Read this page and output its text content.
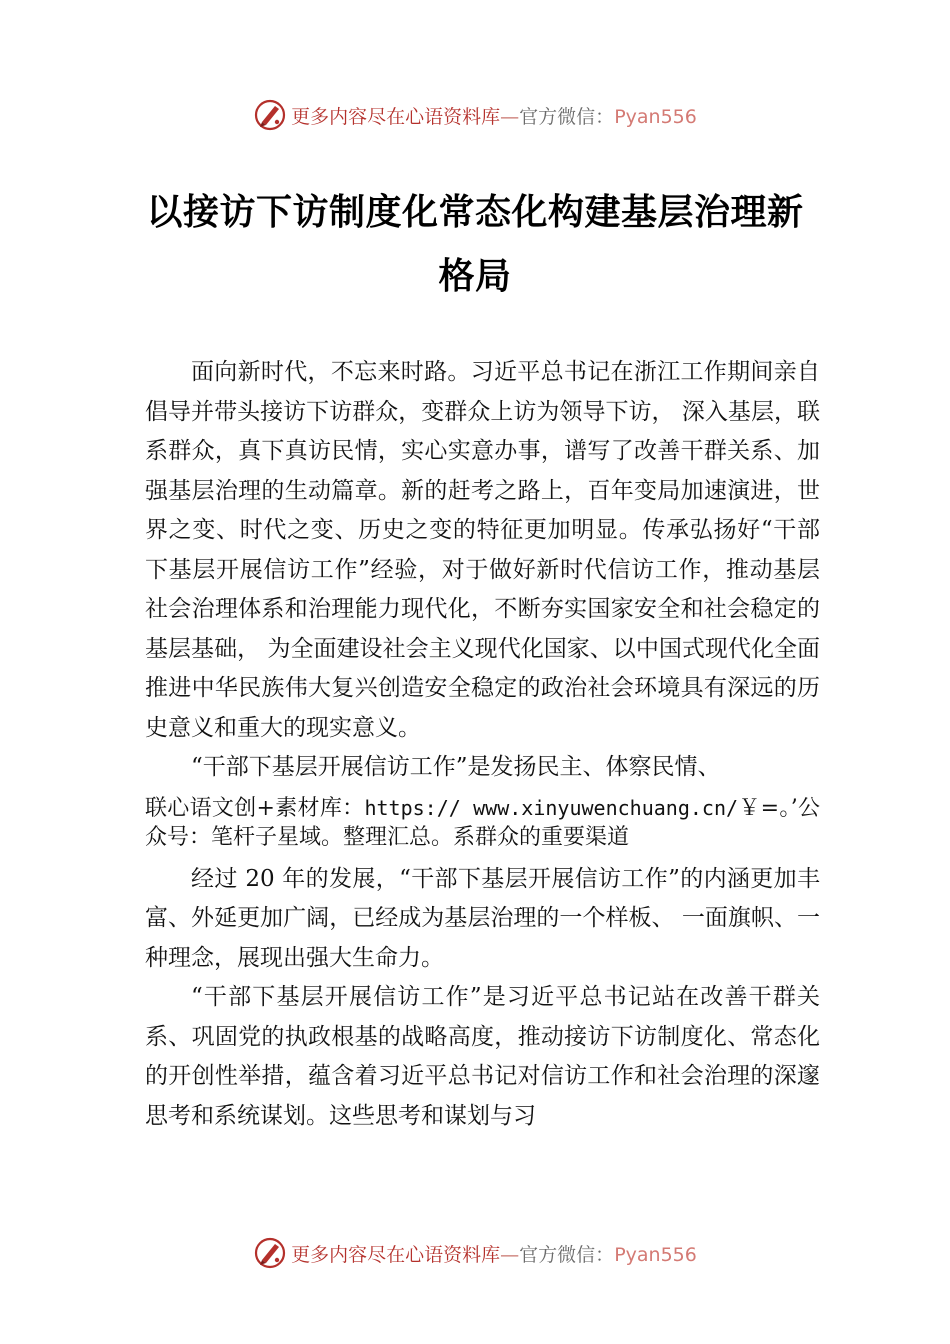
更多内容尽在心语资料库—官方微信：Pyan556
以接访下访制度化常态化构建基层治理新格局

面向新时代，不忘来时路。习近平总书记在浙江工作期间亲自倡导并带头接访下访群众，变群众上访为领导下访， 深入基层，联系群众，真下真访民情，实心实意办事，谱写了改善干群关系、加强基层治理的生动篇章。新的赶考之路上，百年变局加速演进，世界之变、时代之变、历史之变的特征更加明显。传承弘扬好“干部下基层开展信访工作”经验，对于做好新时代信访工作，推动基层社会治理体系和治理能力现代化，不断夯实国家安全和社会稳定的基层基础， 为全面建设社会主义现代化国家、以中国式现代化全面推进中华民族伟大复兴创造安全稳定的政治社会环境具有深远的历史意义和重大的现实意义。

“干部下基层开展信访工作”是发扬民主、体察民情、

联心语文创+素材库：https:// www.xinyuwenchuang.cn/￥=。’公众号：笔杆子星域。整理汇总。系群众的重要渠道

经过 20 年的发展，“干部下基层开展信访工作”的内涵更加丰富、外延更加广阔，已经成为基层治理的一个样板、 一面旗帜、一种理念，展现出强大生命力。

“干部下基层开展信访工作”是习近平总书记站在改善干群关系、巩固党的执政根基的战略高度，推动接访下访制度化、常态化的开创性举措，蕴含着习近平总书记对信访工作和社会治理的深邃思考和系统谋划。这些思考和谋划与习

更多内容尽在心语资料库—官方微信：Pyan556
